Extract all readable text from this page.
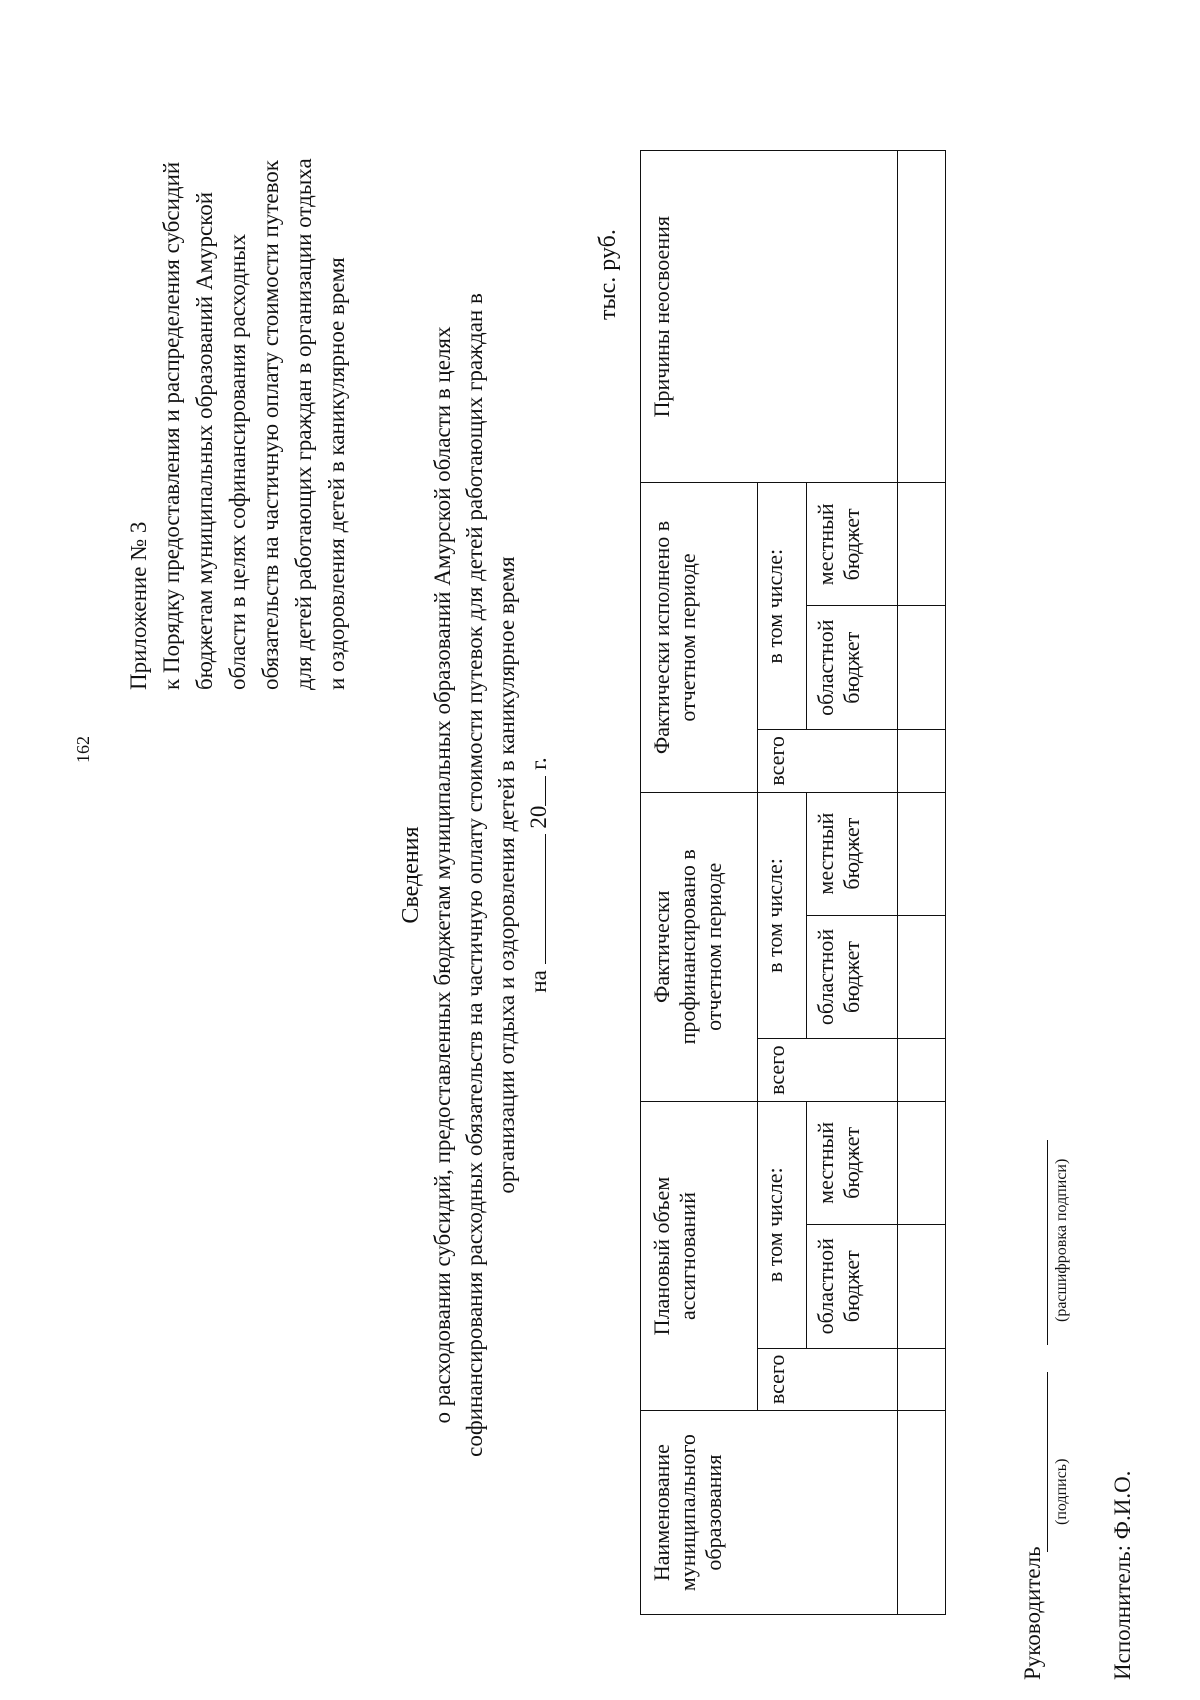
162
Приложение № 3 к Порядку предоставления и распределения субсидий бюджетам муниципальных образований Амурской области в целях софинансирования расходных обязательств на частичную оплату стоимости путевок для детей работающих граждан в организации отдыха и оздоровления детей в каникулярное время
Сведения о расходовании субсидий, предоставленных бюджетам муниципальных образований Амурской области в целях софинансирования расходных обязательств на частичную оплату стоимости путевок для детей работающих граждан в организации отдыха и оздоровления детей в каникулярное время на  20 г.
тыс. руб.
Наименование муниципального образования	Плановый объем ассигнований			Фактически профинансировано в отчетном периоде			Фактически исполнено в отчетном периоде			Причины неосвоения
	всего	в том числе:		всего	в том числе:		всего	в том числе:		
		областной бюджет	местный бюджет		областной бюджет	местный бюджет		областной бюджет	местный бюджет	

Руководитель
(подпись)
(расшифровка подписи)
Исполнитель: Ф.И.О.
